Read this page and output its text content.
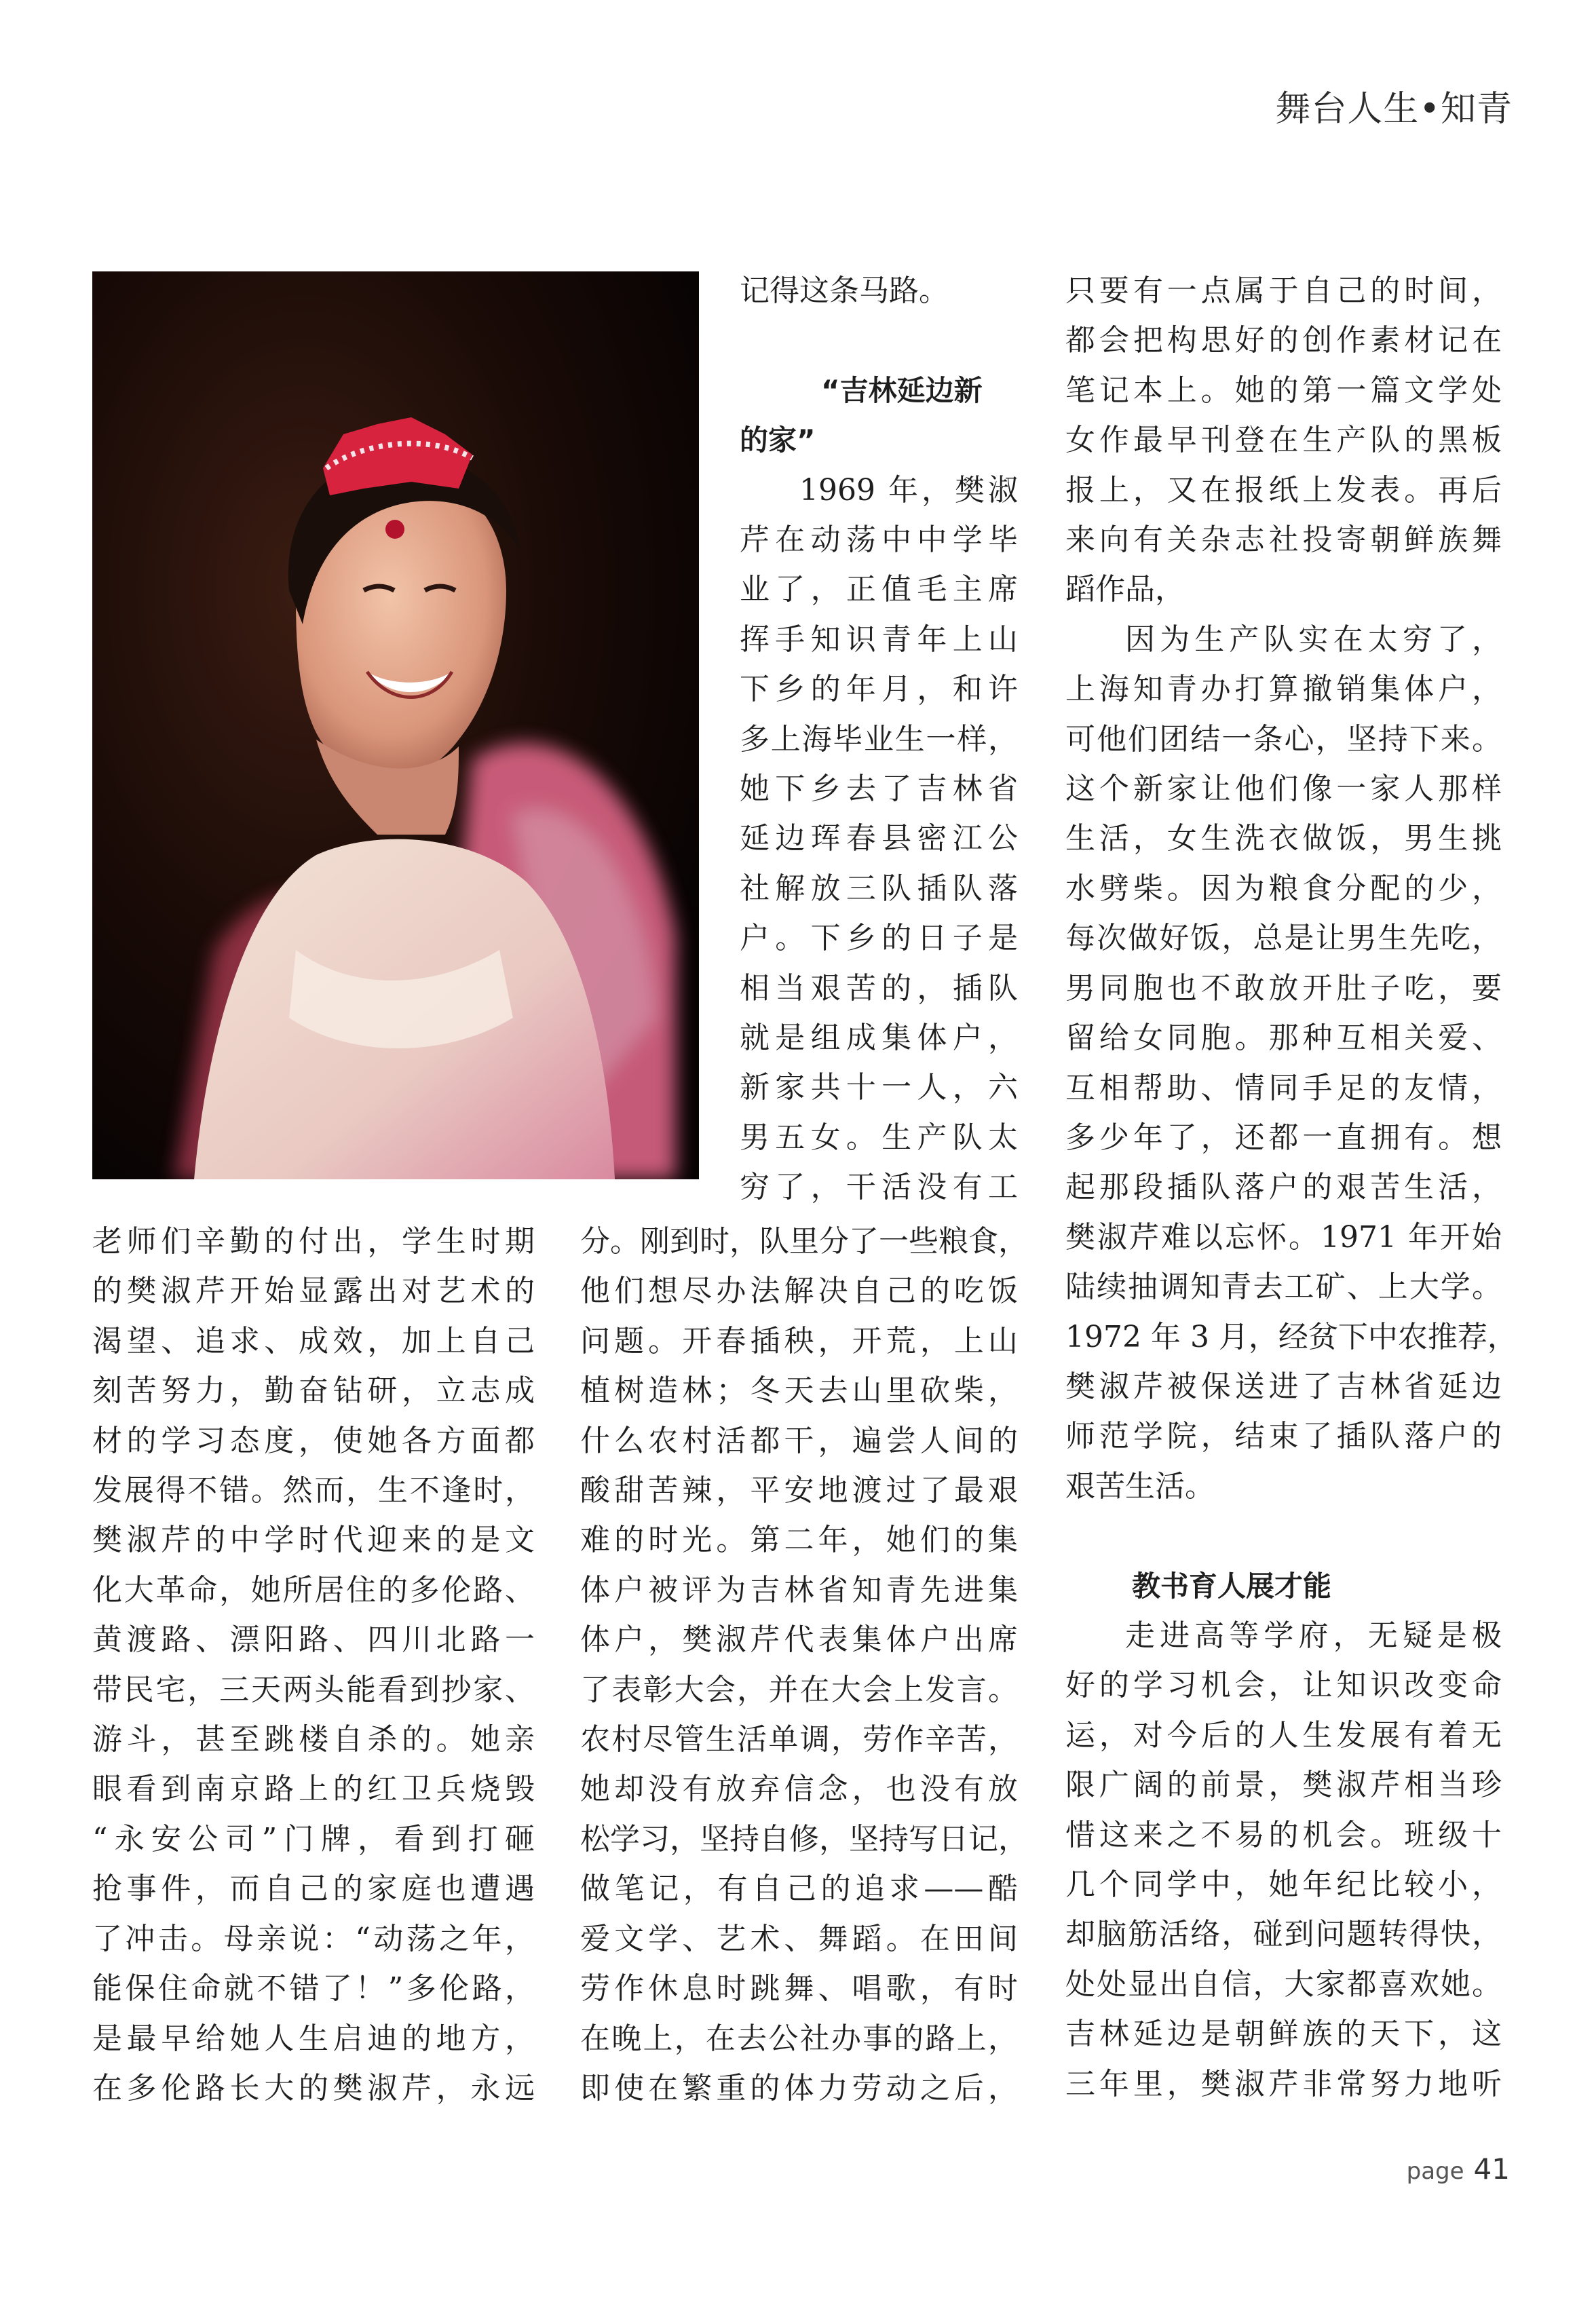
舞台人生•知青

记得这条马路。

“吉林延边新
的家”

1969 年，樊淑

芹在动荡中中学毕

业了，正值毛主席

挥手知识青年上山

下乡的年月，和许

多上海毕业生一样，

她下乡去了吉林省

延边珲春县密江公

社解放三队插队落

户。下乡的日子是

相当艰苦的，插队

就是组成集体户，

新家共十一人，六

男五女。生产队太

穷了，干活没有工

老师们辛勤的付出，学生时期

的樊淑芹开始显露出对艺术的

渴望、追求、成效，加上自己

刻苦努力，勤奋钻研，立志成

材的学习态度，使她各方面都

发展得不错。然而，生不逢时，

樊淑芹的中学时代迎来的是文

化大革命，她所居住的多伦路、

黄渡路、漂阳路、四川北路一

带民宅，三天两头能看到抄家、

游斗，甚至跳楼自杀的。她亲

眼看到南京路上的红卫兵烧毁

“永安公司”门牌，看到打砸

抢事件，而自己的家庭也遭遇

了冲击。母亲说：“动荡之年，

能保住命就不错了！”多伦路，

是最早给她人生启迪的地方，

在多伦路长大的樊淑芹，永远

分。刚到时，队里分了一些粮食，

他们想尽办法解决自己的吃饭

问题。开春插秧，开荒，上山

植树造林；冬天去山里砍柴，

什么农村活都干，遍尝人间的

酸甜苦辣，平安地渡过了最艰

难的时光。第二年，她们的集

体户被评为吉林省知青先进集

体户，樊淑芹代表集体户出席

了表彰大会，并在大会上发言。

农村尽管生活单调，劳作辛苦，

她却没有放弃信念，也没有放

松学习，坚持自修，坚持写日记，

做笔记，有自己的追求——酷

爱文学、艺术、舞蹈。在田间

劳作休息时跳舞、唱歌，有时

在晚上，在去公社办事的路上，

即使在繁重的体力劳动之后，

只要有一点属于自己的时间，

都会把构思好的创作素材记在

笔记本上。她的第一篇文学处

女作最早刊登在生产队的黑板

报上，又在报纸上发表。再后

来向有关杂志社投寄朝鲜族舞

蹈作品，

因为生产队实在太穷了，

上海知青办打算撤销集体户，

可他们团结一条心，坚持下来。

这个新家让他们像一家人那样

生活，女生洗衣做饭，男生挑

水劈柴。因为粮食分配的少，

每次做好饭，总是让男生先吃，

男同胞也不敢放开肚子吃，要

留给女同胞。那种互相关爱、

互相帮助、情同手足的友情，

多少年了，还都一直拥有。想

起那段插队落户的艰苦生活，

樊淑芹难以忘怀。1971 年开始

陆续抽调知青去工矿、上大学。

1972 年 3 月，经贫下中农推荐，

樊淑芹被保送进了吉林省延边

师范学院，结束了插队落户的

艰苦生活。

教书育人展才能

走进高等学府，无疑是极

好的学习机会，让知识改变命

运，对今后的人生发展有着无

限广阔的前景，樊淑芹相当珍

惜这来之不易的机会。班级十

几个同学中，她年纪比较小，

却脑筋活络，碰到问题转得快，

处处显出自信，大家都喜欢她。

吉林延边是朝鲜族的天下，这

三年里，樊淑芹非常努力地听

page 41
